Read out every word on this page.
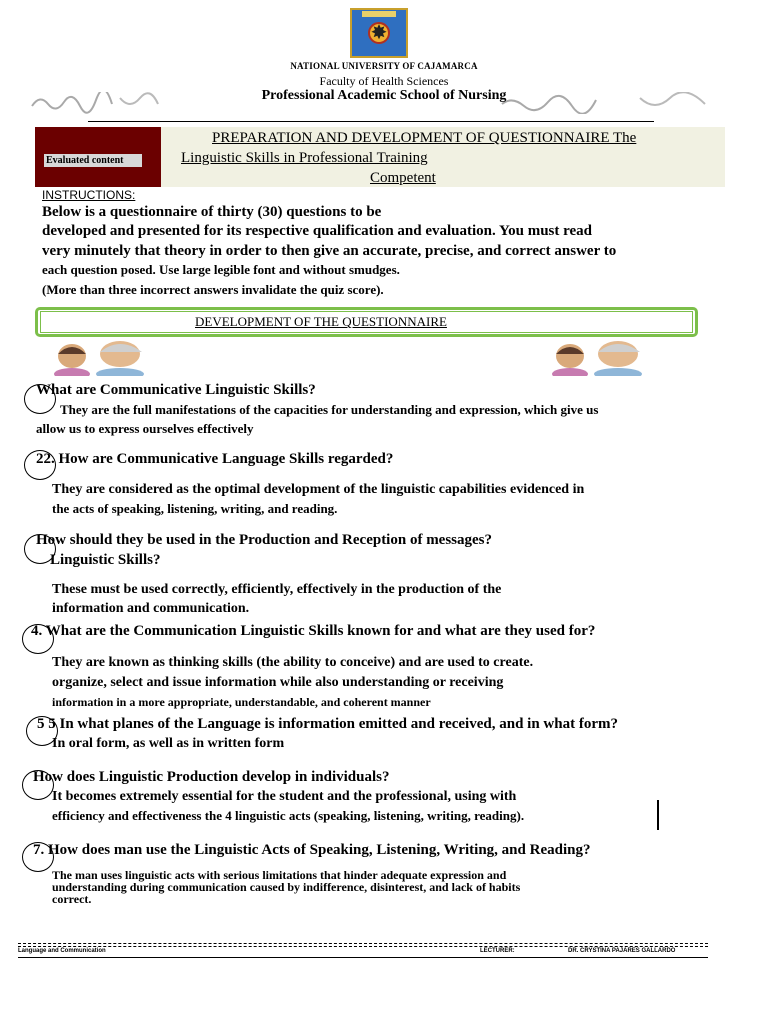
✸
NATIONAL UNIVERSITY OF CAJAMARCA
Faculty of Health Sciences
Professional Academic School of Nursing
Evaluated content
PREPARATION AND DEVELOPMENT OF QUESTIONNAIRE The
Linguistic Skills in Professional Training
Competent
INSTRUCTIONS:
Below is a questionnaire of thirty (30) questions to be
developed and presented for its respective qualification and evaluation. You must read
very minutely that theory in order to then give an accurate, precise, and correct answer to
each question posed. Use large legible font and without smudges.
(More than three incorrect answers invalidate the quiz score).
DEVELOPMENT OF THE QUESTIONNAIRE
What are Communicative Linguistic Skills?
They are the full manifestations of the capacities for understanding and expression, which give us
allow us to express ourselves effectively
22. How are Communicative Language Skills regarded?
They are considered as the optimal development of the linguistic capabilities evidenced in
the acts of speaking, listening, writing, and reading.
How should they be used in the Production and Reception of messages?
Linguistic Skills?
These must be used correctly, efficiently, effectively in the production of the
information and communication.
4. What are the Communication Linguistic Skills known for and what are they used for?
They are known as thinking skills (the ability to conceive) and are used to create.
organize, select and issue information while also understanding or receiving
information in a more appropriate, understandable, and coherent manner
5 5 In what planes of the Language is information emitted and received, and in what form?
In oral form, as well as in written form
How does Linguistic Production develop in individuals?
It becomes extremely essential for the student and the professional, using with
efficiency and effectiveness the 4 linguistic acts (speaking, listening, writing, reading).
7. How does man use the Linguistic Acts of Speaking, Listening, Writing, and Reading?
The man uses linguistic acts with serious limitations that hinder adequate expression and
understanding during communication caused by indifference, disinterest, and lack of habits
correct.
Language and Communication	LECTURER:	DR. CRYSTINA PAJARES GALLARDO
